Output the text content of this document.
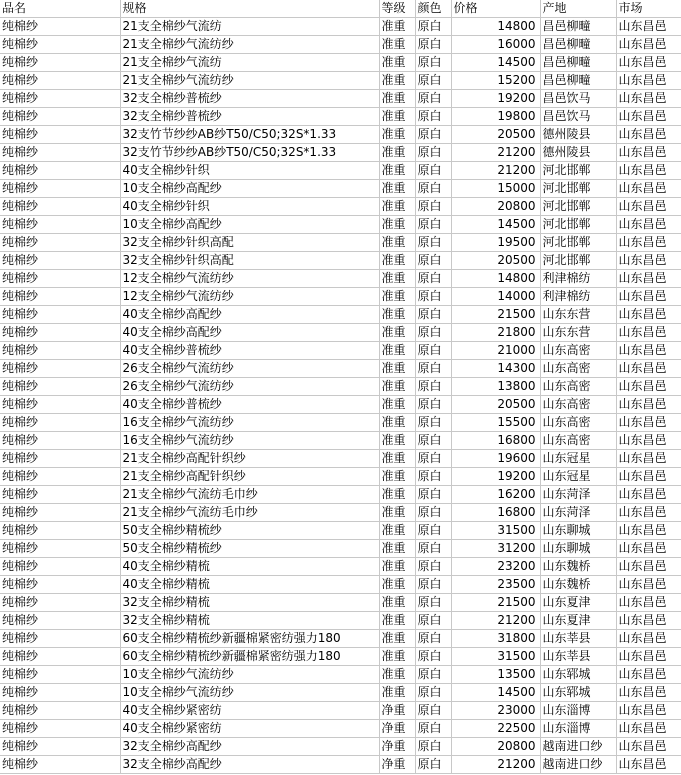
品名	规格	等级	颜色	价格	产地	市场
纯棉纱	21支全棉纱气流纺	准重	原白	14800	昌邑柳疃	山东昌邑
纯棉纱	21支全棉纱气流纺纱	准重	原白	16000	昌邑柳疃	山东昌邑
纯棉纱	21支全棉纱气流纺	准重	原白	14500	昌邑柳疃	山东昌邑
纯棉纱	21支全棉纱气流纺纱	准重	原白	15200	昌邑柳疃	山东昌邑
纯棉纱	32支全棉纱普梳纱	准重	原白	19200	昌邑饮马	山东昌邑
纯棉纱	32支全棉纱普梳纱	准重	原白	19800	昌邑饮马	山东昌邑
纯棉纱	32支竹节纱纱AB纱T50/C50;32S*1.33	准重	原白	20500	德州陵县	山东昌邑
纯棉纱	32支竹节纱纱AB纱T50/C50;32S*1.33	准重	原白	21200	德州陵县	山东昌邑
纯棉纱	40支全棉纱针织	准重	原白	21200	河北邯郸	山东昌邑
纯棉纱	10支全棉纱高配纱	准重	原白	15000	河北邯郸	山东昌邑
纯棉纱	40支全棉纱针织	准重	原白	20800	河北邯郸	山东昌邑
纯棉纱	10支全棉纱高配纱	准重	原白	14500	河北邯郸	山东昌邑
纯棉纱	32支全棉纱针织高配	准重	原白	19500	河北邯郸	山东昌邑
纯棉纱	32支全棉纱针织高配	准重	原白	20500	河北邯郸	山东昌邑
纯棉纱	12支全棉纱气流纺纱	准重	原白	14800	利津棉纺	山东昌邑
纯棉纱	12支全棉纱气流纺纱	准重	原白	14000	利津棉纺	山东昌邑
纯棉纱	40支全棉纱高配纱	准重	原白	21500	山东东营	山东昌邑
纯棉纱	40支全棉纱高配纱	准重	原白	21800	山东东营	山东昌邑
纯棉纱	40支全棉纱普梳纱	准重	原白	21000	山东高密	山东昌邑
纯棉纱	26支全棉纱气流纺纱	准重	原白	14300	山东高密	山东昌邑
纯棉纱	26支全棉纱气流纺纱	准重	原白	13800	山东高密	山东昌邑
纯棉纱	40支全棉纱普梳纱	准重	原白	20500	山东高密	山东昌邑
纯棉纱	16支全棉纱气流纺纱	准重	原白	15500	山东高密	山东昌邑
纯棉纱	16支全棉纱气流纺纱	准重	原白	16800	山东高密	山东昌邑
纯棉纱	21支全棉纱高配针织纱	准重	原白	19600	山东冠星	山东昌邑
纯棉纱	21支全棉纱高配针织纱	准重	原白	19200	山东冠星	山东昌邑
纯棉纱	21支全棉纱气流纺毛巾纱	准重	原白	16200	山东菏泽	山东昌邑
纯棉纱	21支全棉纱气流纺毛巾纱	准重	原白	16800	山东菏泽	山东昌邑
纯棉纱	50支全棉纱精梳纱	准重	原白	31500	山东聊城	山东昌邑
纯棉纱	50支全棉纱精梳纱	准重	原白	31200	山东聊城	山东昌邑
纯棉纱	40支全棉纱精梳	准重	原白	23200	山东魏桥	山东昌邑
纯棉纱	40支全棉纱精梳	准重	原白	23500	山东魏桥	山东昌邑
纯棉纱	32支全棉纱精梳	准重	原白	21500	山东夏津	山东昌邑
纯棉纱	32支全棉纱精梳	准重	原白	21200	山东夏津	山东昌邑
纯棉纱	60支全棉纱精梳纱新疆棉紧密纺强力180	准重	原白	31800	山东莘县	山东昌邑
纯棉纱	60支全棉纱精梳纱新疆棉紧密纺强力180	准重	原白	31500	山东莘县	山东昌邑
纯棉纱	10支全棉纱气流纺纱	准重	原白	13500	山东郓城	山东昌邑
纯棉纱	10支全棉纱气流纺纱	准重	原白	14500	山东郓城	山东昌邑
纯棉纱	40支全棉纱紧密纺	净重	原白	23000	山东淄博	山东昌邑
纯棉纱	40支全棉纱紧密纺	净重	原白	22500	山东淄博	山东昌邑
纯棉纱	32支全棉纱高配纱	净重	原白	20800	越南进口纱	山东昌邑
纯棉纱	32支全棉纱高配纱	净重	原白	21200	越南进口纱	山东昌邑
